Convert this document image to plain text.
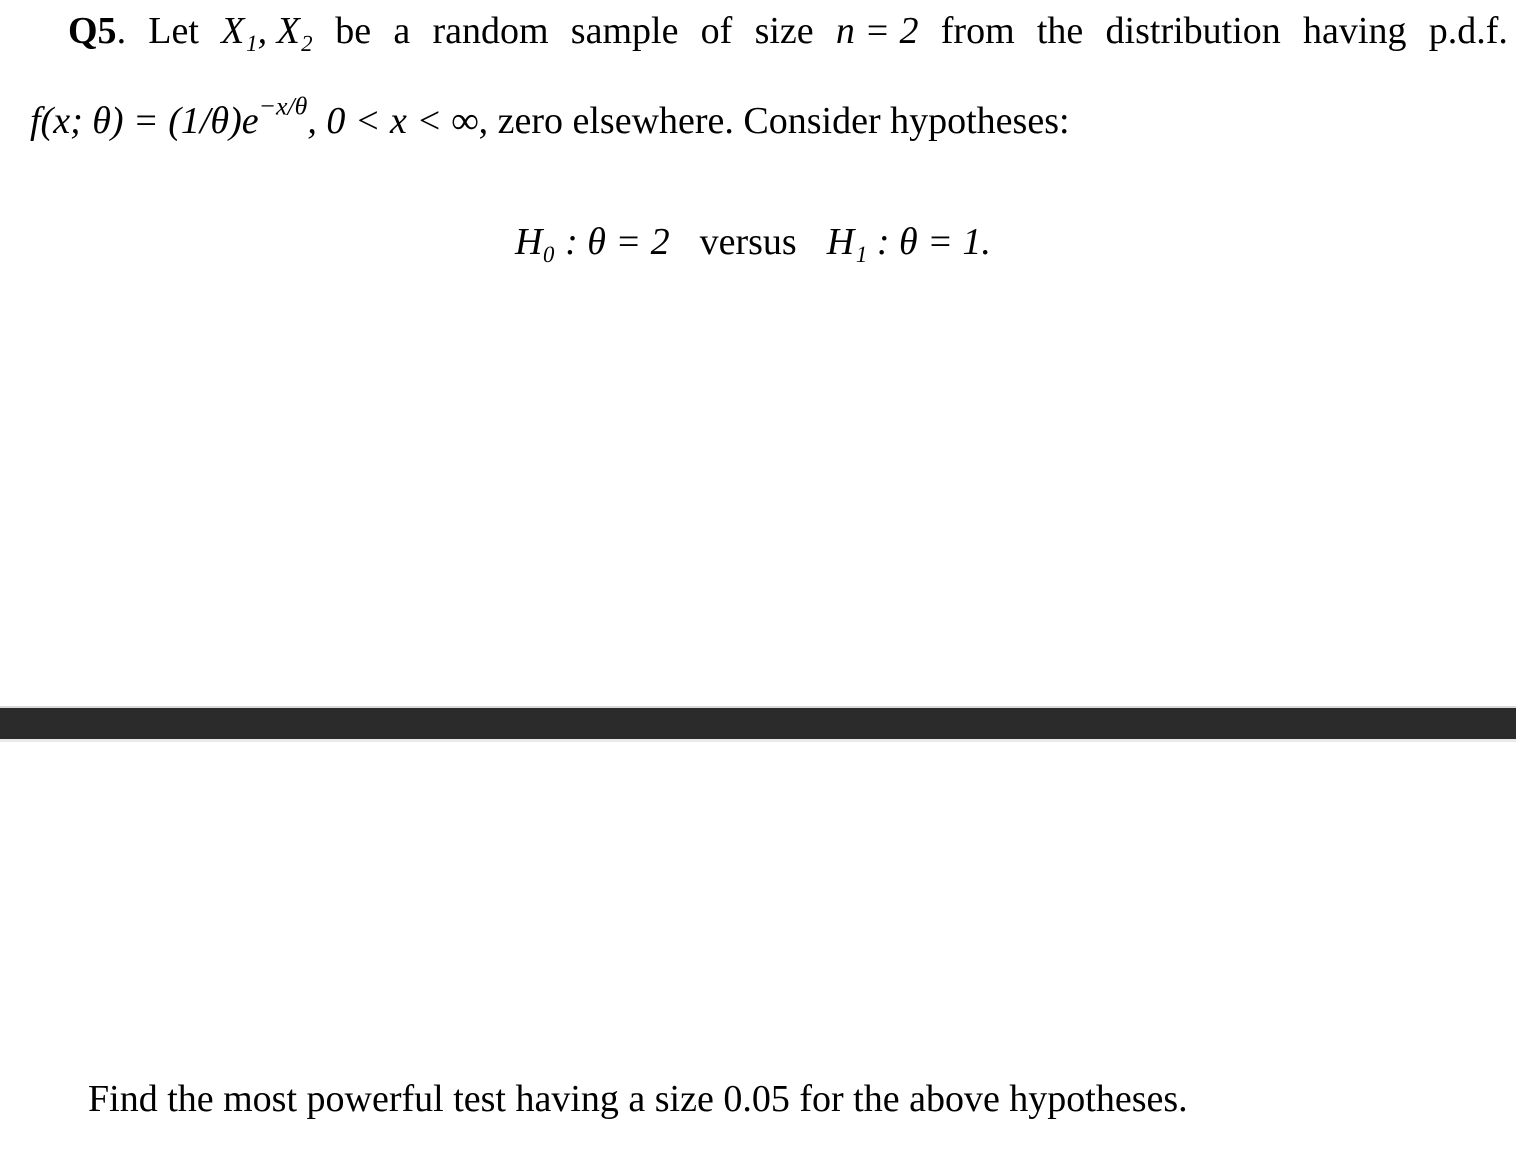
Q5. Let X₁, X₂ be a random sample of size n = 2 from the distribution having p.d.f.
f(x; $\theta) = (1/\theta)e^{-x/\theta}$, 0 < x < ∞, zero elsewhere. Consider hypotheses:
H₀ : θ = 2 versus H₁ : θ = 1.
Find the most powerful test having a size 0.05 for the above hypotheses.
